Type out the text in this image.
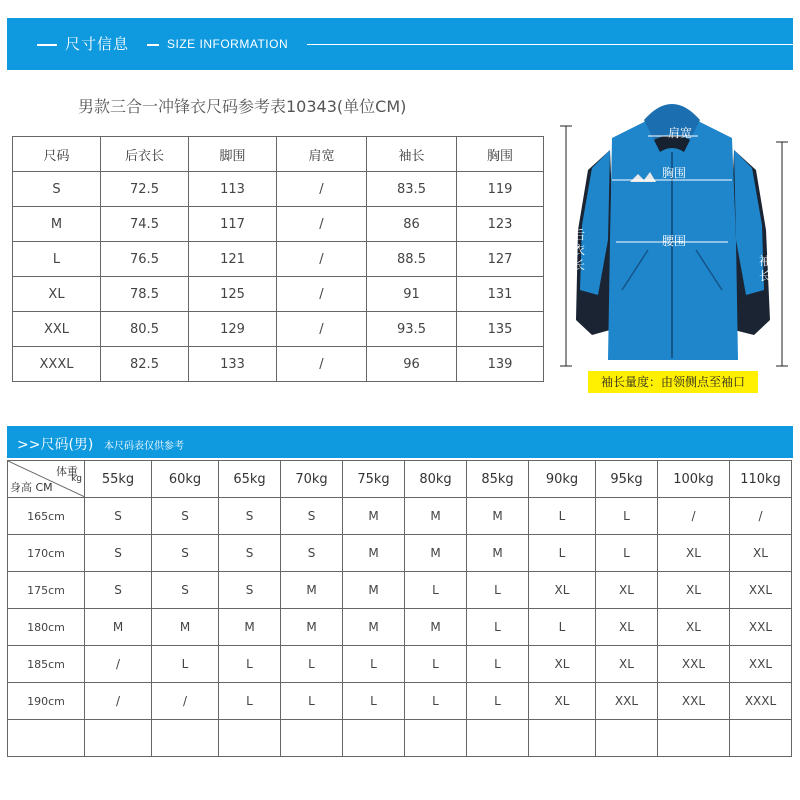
尺寸信息	SIZE INFORMATION
男款三合一冲锋衣尺码参考表10343(单位CM)
尺码	后衣长	脚围	肩宽	袖长	胸围
S	72.5	113	/	83.5	119
M	74.5	117	/	86	123
L	76.5	121	/	88.5	127
XL	78.5	125	/	91	131
XXL	80.5	129	/	93.5	135
XXXL	82.5	133	/	96	139
肩宽
胸围
腰围
后
衣
长	袖
长
袖长量度：由领侧点至袖口
>>尺码(男) 本尺码表仅供参考
体重
kg
身高 CM	55kg	60kg	65kg	70kg	75kg	80kg	85kg	90kg	95kg	100kg	110kg
165cm	S	S	S	S	M	M	M	L	L	/	/
170cm	S	S	S	S	M	M	M	L	L	XL	XL
175cm	S	S	S	M	M	L	L	XL	XL	XL	XXL
180cm	M	M	M	M	M	M	L	L	XL	XL	XXL
185cm	/	L	L	L	L	L	L	XL	XL	XXL	XXL
190cm	/	/	L	L	L	L	L	XL	XXL	XXL	XXXL
